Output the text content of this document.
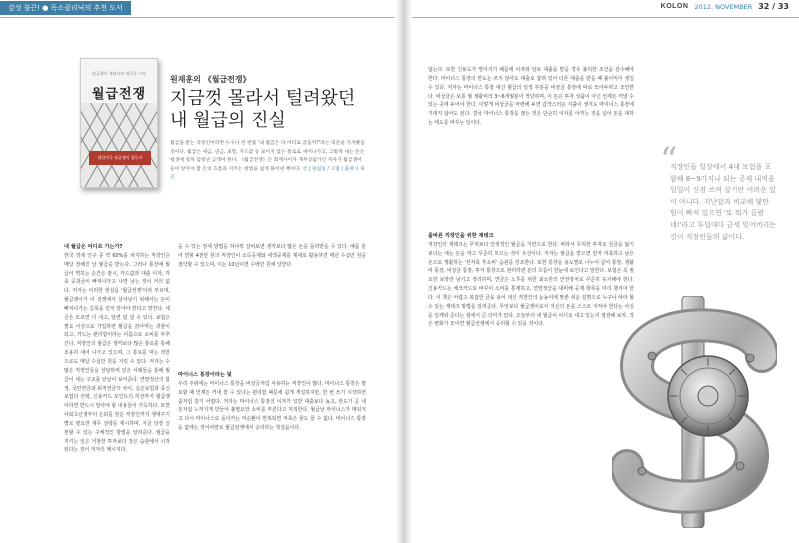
감성 불끈! ● 독소클리닉의 추천 도서	KOLON 2012. NOVEMBER 32 / 33
월급쟁이 재테크의 새로운 시작
월급전쟁
대한민국 월급쟁이 필독서
원재훈의 《월급전쟁》
지금껏 몰라서 털려왔던
내 월급의 진실
월급을 받는 직장인이라면 누구나 한 번쯤 '내 월급은 다 어디로 갔을까?'라는 의문을 가져봤을 것이다. 월급은 세금, 연금, 보험, 카드값 등 보이지 않는 통로로 새어나가고, 그렇게 새는 돈은 평생에 걸쳐 엄청난 금액이 된다. 《월급전쟁》은 회계사이자 재무상담가인 저자가 월급쟁이들이 알아야 할 돈의 흐름과 지키는 방법을 쉽게 풀어낸 책이다. 글 | 편집실 / 그림 | 출판사 제공

내 월급은 어디로 가는가?

한국 경제 인구 중 약 60%를 차지하는 직장인은 매달 정해진 날 월급을 받는다. 그러나 통장에 월급이 찍히는 순간은 잠시, 카드값과 대출 이자, 각종 공과금이 빠져나가고 나면 남는 것이 거의 없다. 저자는 이러한 현실을 '월급전쟁'이라 부르며, 월급쟁이가 이 전쟁에서 살아남기 위해서는 돈이 빠져나가는 길목을 먼저 알아야 한다고 말한다. 세금은 모르면 더 내고, 알면 덜 낼 수 있다. 보험은 필요 이상으로 가입하면 월급을 갉아먹는 괴물이 되고, 카드는 편리함이라는 이름으로 소비를 부추긴다. 직장인의 월급은 생각보다 많은 통로를 통해 조용히 새어 나가고 있으며, 그 통로를 막는 것만으로도 매달 수십만 원을 지킬 수 있다. 저자는 수많은 직장인들을 상담하며 얻은 사례들을 통해 월급이 새는 구조를 낱낱이 보여준다. 연말정산의 함정, 국민연금과 퇴직연금의 차이, 실손보험과 종신보험의 선택, 신용카드 포인트의 허상까지 월급쟁이라면 반드시 알아야 할 내용들이 가득하다. 또한 사회초년생부터 은퇴를 앞둔 직장인까지 생애주기별로 필요한 재무 전략을 제시하며, 지금 당장 실천할 수 있는 구체적인 방법을 알려준다. 월급을 지키는 일은 거창한 투자보다 작은 습관에서 시작된다는 것이 저자의 메시지다.

을 수 있는 절세 방법을 하나씩 살펴보면 생각보다 많은 돈을 돌려받을 수 있다. 예를 들어 연봉 4천만 원의 직장인이 소득공제와 세액공제를 제대로 활용하면 매년 수십만 원을 절약할 수 있으며, 이는 10년이면 수백만 원에 달한다.

마이너스 통장이라는 덫

우리 주위에는 마이너스 통장을 비상금처럼 사용하는 직장인이 많다. 마이너스 통장은 필요할 때 언제든 꺼내 쓸 수 있다는 편리함 때문에 쉽게 개설하지만, 한 번 쓰기 시작하면 좀처럼 갚기 어렵다. 저자는 마이너스 통장의 이자가 일반 대출보다 높고, 한도가 곧 내 돈처럼 느껴지게 만들어 불필요한 소비를 부른다고 지적한다. 월급날 마이너스가 메워지고 다시 마이너스로 돌아가는 악순환이 반복되면 저축은 꿈도 꿀 수 없다. 마이너스 통장을 없애는 것이야말로 월급전쟁에서 승리하는 첫걸음이다.

않는다. 또한 신용도가 떨어지기 때문에 이자와 담보 대출을 받을 경우 불리한 조건을 감수해야 한다. 마이너스 통장의 한도는 쓰지 않아도 대출로 잡혀 있어 다른 대출을 받을 때 불이익이 생길 수 있다. 저자는 마이너스 통장 대신 월급의 일정 부분을 비상금 통장에 따로 모아두라고 조언한다. 비상금은 보통 월 생활비의 3~6개월분이 적당하며, 이 돈은 투자 상품이 아닌 언제든 꺼낼 수 있는 곳에 두어야 한다. 이렇게 비상금을 마련해 두면 갑작스러운 지출이 생겨도 마이너스 통장에 기대지 않아도 된다. 결국 마이너스 통장을 끊는 것은 단순히 이자를 아끼는 것을 넘어 돈을 대하는 태도를 바꾸는 일이다.

올바른 직장인을 위한 재테크

직장인의 재테크는 무엇보다 안정적인 월급을 기반으로 한다. 따라서 무리한 투자로 원금을 잃기보다는 새는 돈을 막고 꾸준히 모으는 것이 우선이다. 저자는 월급을 받으면 먼저 저축하고 남은 돈으로 생활하는 '선저축 후소비' 습관을 강조한다. 또한 통장을 용도별로 나누어 급여 통장, 생활비 통장, 비상금 통장, 투자 통장으로 관리하면 돈의 흐름이 한눈에 보인다고 말한다. 보험은 꼭 필요한 보장만 남기고 정리하며, 연금은 노후를 위한 최소한의 안전장치로 꾸준히 유지해야 한다. 신용카드는 체크카드로 바꾸어 소비를 통제하고, 연말정산을 대비해 공제 항목을 미리 챙겨야 한다. 이 책은 어렵고 복잡한 금융 용어 대신 직장인의 눈높이에 맞춘 쉬운 설명으로 누구나 따라 할 수 있는 재테크 방법을 알려준다. 무엇보다 월급쟁이로서 자신의 돈을 스스로 지켜야 한다는 사실을 일깨워 준다는 점에서 큰 의미가 있다. 오늘부터 내 월급이 어디로 새고 있는지 점검해 보자. 작은 변화가 모이면 월급전쟁에서 승리할 수 있을 것이다.

“
직장인들 일상에서 4대 보험을 포함해 8~9가지나 되는 공제 내역을 일일이 신경 쓰며 살기란 어려운 일이 아니다. 지난달과 비교해 몇만 원이 빠져 있으면 '또 뭐가 올랐네!'라고 투덜대다 금세 잊어버리는 것이 직장인들의 삶이다.
